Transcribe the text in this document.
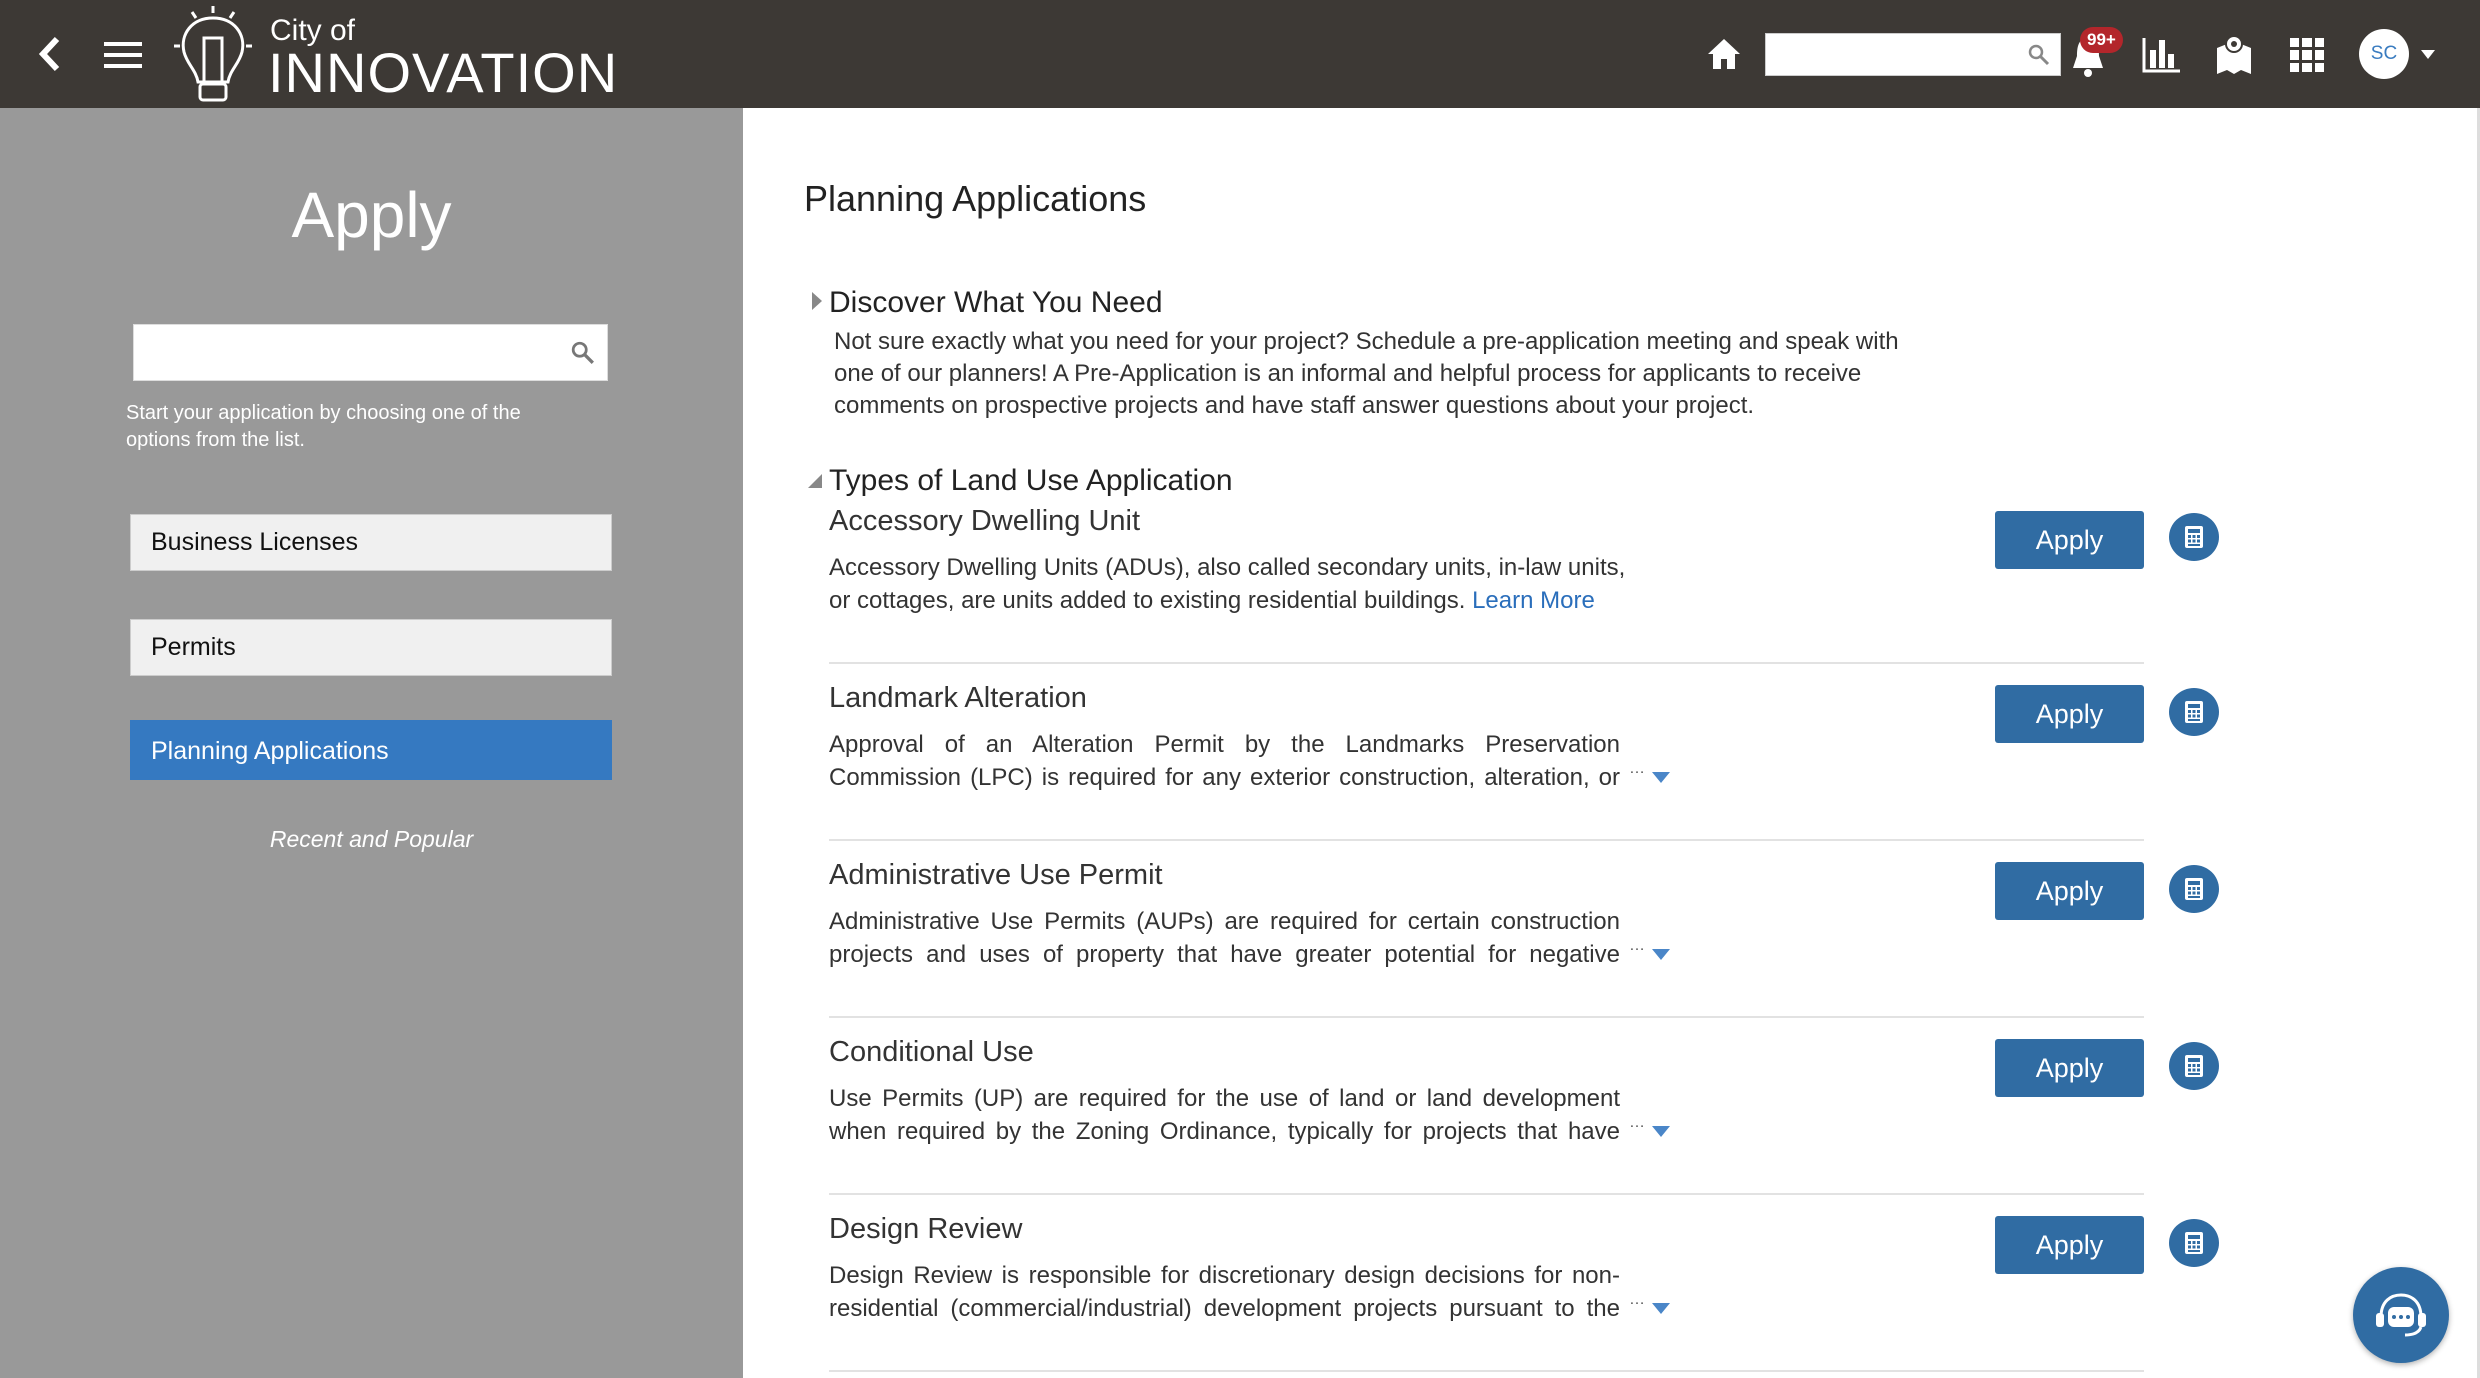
City of
INNOVATION
99+
SC
Apply
Start your application by choosing one of the options from the list.
Business Licenses
Permits
Planning Applications
Recent and Popular
Planning Applications
Discover What You Need
Not sure exactly what you need for your project? Schedule a pre-application meeting and speak with one of our planners! A Pre-Application is an informal and helpful process for applicants to receive comments on prospective projects and have staff answer questions about your project.
Types of Land Use Application
Accessory Dwelling Unit
Accessory Dwelling Units (ADUs), also called secondary units, in-law units,
or cottages, are units added to existing residential buildings. Learn More
Apply
Landmark Alteration
Approval of an Alteration Permit by the Landmarks Preservation
Commission (LPC) is required for any exterior construction, alteration, or …
Apply
Administrative Use Permit
Administrative Use Permits (AUPs) are required for certain construction
projects and uses of property that have greater potential for negative …
Apply
Conditional Use
Use Permits (UP) are required for the use of land or land development
when required by the Zoning Ordinance, typically for projects that have …
Apply
Design Review
Design Review is responsible for discretionary design decisions for non-
residential (commercial/industrial) development projects pursuant to the …
Apply
